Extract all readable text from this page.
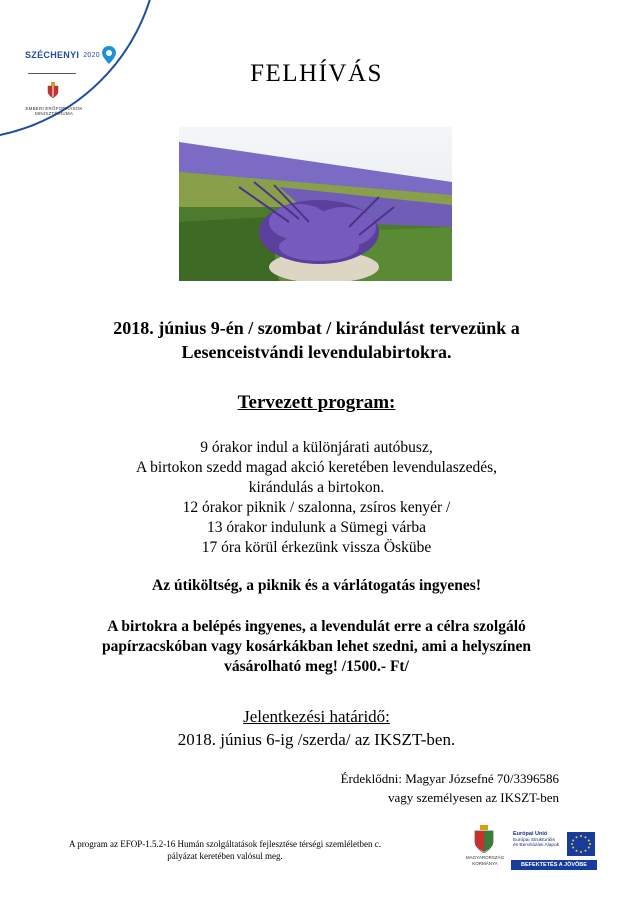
SZÉCHENYI 2020
EMBERI ERŐFORRÁSOK MINISZTÉRIUMA
FELHÍVÁS
2018. június 9-én / szombat / kirándulást tervezünk a
Lesenceistvándi levendulabirtokra.
Tervezett program:
9 órakor indul a különjárati autóbusz,
A birtokon szedd magad akció keretében levendulaszedés,
kirándulás a birtokon.
12 órakor piknik / szalonna, zsíros kenyér /
13 órakor indulunk a Sümegi várba
17 óra körül érkezünk vissza Öskübe
Az útiköltség, a piknik és a várlátogatás ingyenes!
A birtokra a belépés ingyenes, a levendulát erre a célra szolgáló
papírzacskóban vagy kosárkákban lehet szedni, ami a helyszínen
vásárolható meg! /1500.- Ft/
Jelentkezési határidő:
2018. június 6-ig /szerda/ az IKSZT-ben.
Érdeklődni: Magyar Józsefné 70/3396586
vagy személyesen az IKSZT-ben
A program az EFOP-1.5.2-16 Humán szolgáltatások fejlesztése térségi szemléletben c.
pályázat keretében valósul meg.	MAGYARORSZÁG KORMÁNYA
Európai Unió
Európai Strukturális
és Beruházási Alapok
BEFEKTETÉS A JÖVŐBE
